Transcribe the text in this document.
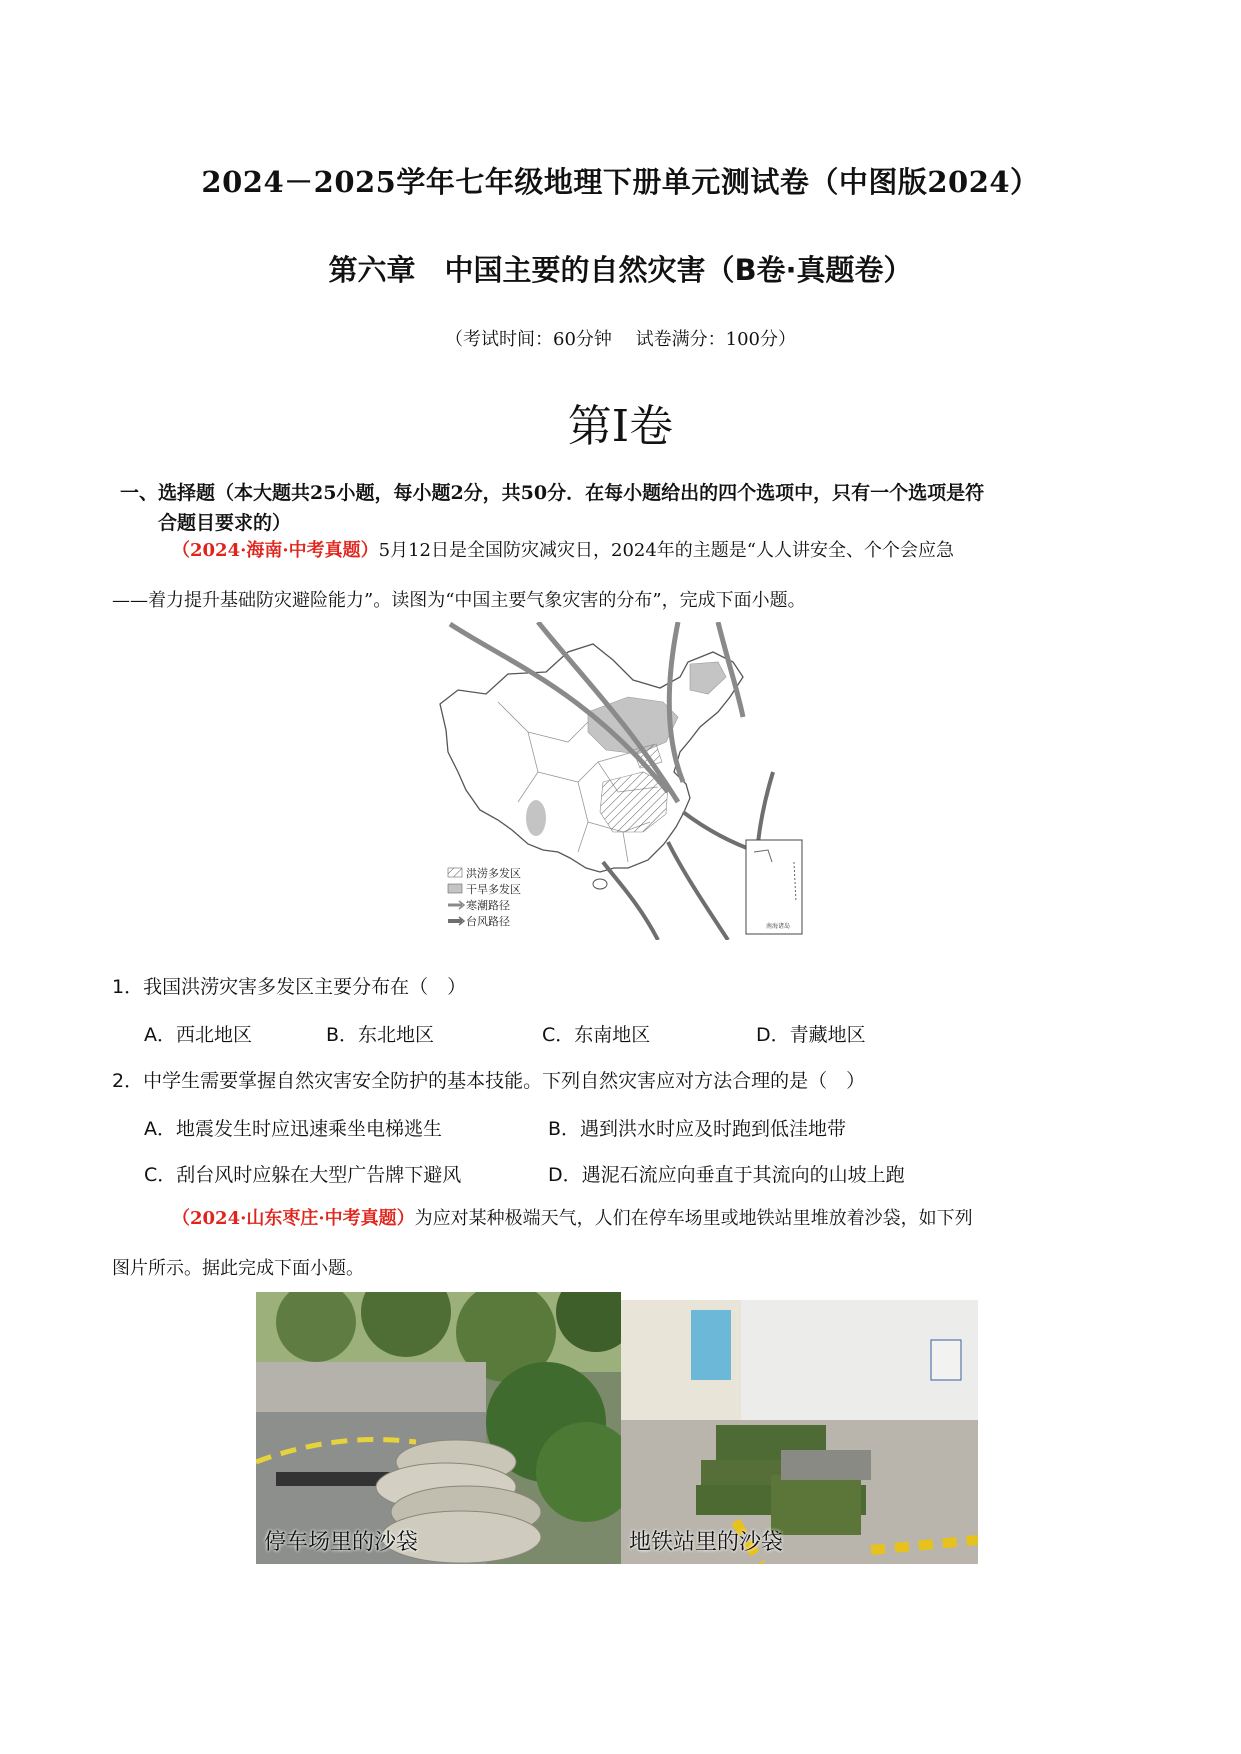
2024－2025学年七年级地理下册单元测试卷（中图版2024）
第六章　中国主要的自然灾害（B卷·真题卷）
（考试时间：60分钟　 试卷满分：100分）
第Ⅰ卷
一、选择题（本大题共25小题，每小题2分，共50分．在每小题给出的四个选项中，只有一个选项是符
合题目要求的）
（2024·海南·中考真题）5月12日是全国防灾减灾日，2024年的主题是“人人讲安全、个个会应急
——着力提升基础防灾避险能力”。读图为“中国主要气象灾害的分布”，完成下面小题。
南海诸岛
洪涝多发区
干旱多发区
寒潮路径
台风路径
1．我国洪涝灾害多发区主要分布在（　）
A．西北地区	B．东北地区	C．东南地区	D．青藏地区
2．中学生需要掌握自然灾害安全防护的基本技能。下列自然灾害应对方法合理的是（　）
A．地震发生时应迅速乘坐电梯逃生	B．遇到洪水时应及时跑到低洼地带
C．刮台风时应躲在大型广告牌下避风	D．遇泥石流应向垂直于其流向的山坡上跑
（2024·山东枣庄·中考真题）为应对某种极端天气，人们在停车场里或地铁站里堆放着沙袋，如下列
图片所示。据此完成下面小题。
停车场里的沙袋	地铁站里的沙袋
